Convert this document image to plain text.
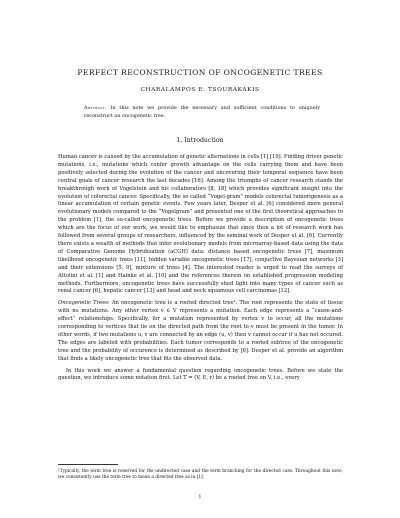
PERFECT RECONSTRUCTION OF ONCOGENETIC TREES
CHARALAMPOS E. TSOURAKAKIS
Abstract. In this note we provide the necessary and sufficient conditions to uniquely reconstruct an oncogenetic tree.
1. Introduction

Human cancer is caused by the accumulation of genetic alternations in cells [1] [19]. Finding driver genetic mutations, i.e., mutations which confer growth advantage on the cells carrying them and have been positively selected during the evolution of the cancer and uncovering their temporal sequence have been central goals of cancer research the last decades [16]. Among the triumphs of cancer research stands the breakthrough work of Vogelstein and his collaborators [8, 18] which provides significant insight into the evolution of colorectal cancer. Specifically, the so called “Vogel-gram” models colorectal tumorigenesis as a linear accumulation of certain genetic events. Few years later, Desper et al. [6] considered more general evolutionary models compared to the “Vogelgram” and presented one of the first theoretical approaches to the problem [1], the so-called oncogenetic trees. Before we provide a description of oncogenetic trees which are the focus of our work, we would like to emphasize that since then a lot of research work has followed from several groups of researchers, influenced by the seminal work of Desper et al. [6]. Currently there exists a wealth of methods that infer evolutionary models from microarray-based data using the data of Comparative Genome Hybridization (aCGH) data: distance based oncogenetic trees [7], maximum likelihood oncogenetic trees [11], hidden variable oncogenetic trees [17], conjuctive Bayesian networks [3] and their extensions [5, 9], mixture of trees [4]. The interested reader is urged to read the surveys of Attolini et al. [1] and Hainke et al. [10] and the references therein on established progression modeling methods. Furthermore, oncogenetic trees have successfully shed light into many types of cancer such as renal cancer [6], hepatic cancer [13] and head and neck squamous cell carcinomas [12].

Oncogenetic Trees: An oncogenetic tree is a rooted directed tree¹. The root represents the state of tissue with no mutations. Any other vertex v ∈ V represents a mutation. Each edge represents a “cause-and-effect” relationships. Specifically, for a mutation represented by vertex v to occur, all the mutations corresponding to vertices that lie on the directed path from the root to v must be present in the tumor. In other words, if two mutations u, v are connected by an edge (u, v) then v cannot occur if u has not occured. The edges are labeled with probabilities. Each tumor corresponds to a rooted subtree of the oncogenetic tree and the probability of occurence is determined as described by [6]. Desper et al. provide an algorithm that finds a likely oncogenetic tree that fits the observed data.

In this work we answer a fundamental question regarding oncogenetic trees. Before we state the question, we introduce some notation first. Let T = (V, E, r) be a rooted tree on V, i.e., every

¹Typically, the term tree is reserved for the undirected case and the term branching for the directed case. Throughout this note, we consistently use the term tree to mean a directed tree as in [1].
1
